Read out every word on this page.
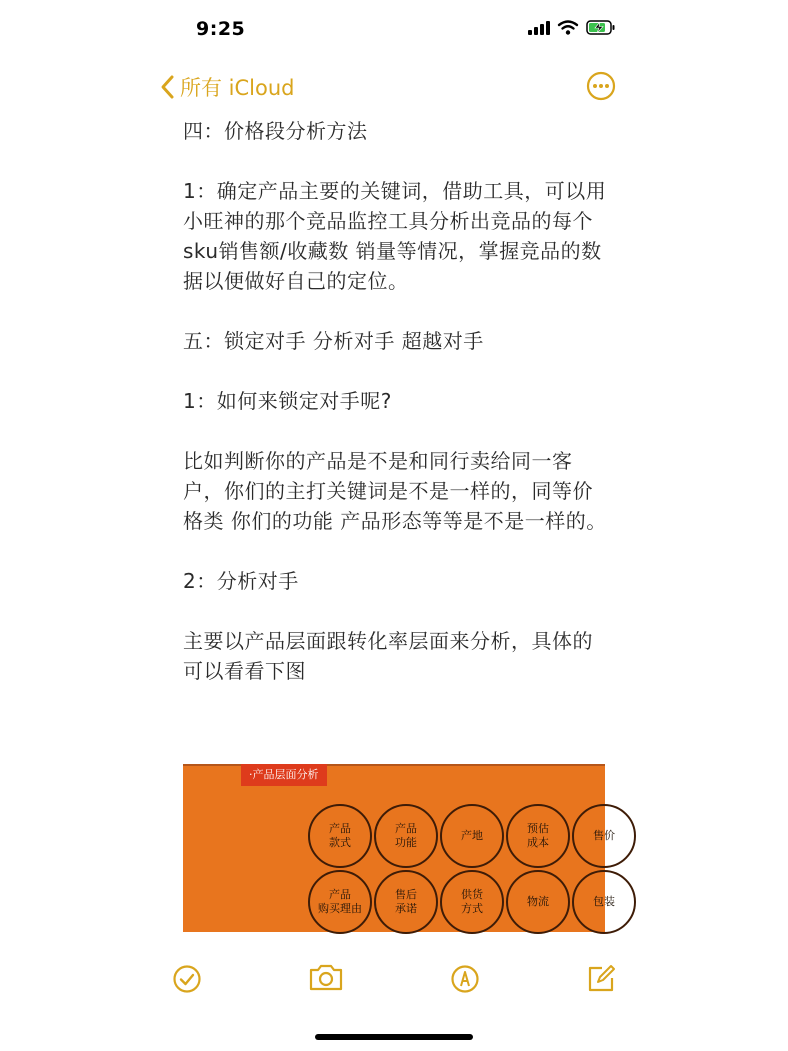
9:25
所有 iCloud

四：价格段分析方法

1：确定产品主要的关键词，借助工具，可以用小旺神的那个竞品监控工具分析出竞品的每个sku销售额/收藏数 销量等情况，掌握竞品的数据以便做好自己的定位。

五：锁定对手 分析对手 超越对手

1：如何来锁定对手呢?

比如判断你的产品是不是和同行卖给同一客户，你们的主打关键词是不是一样的，同等价格类 你们的功能 产品形态等等是不是一样的。

2：分析对手

主要以产品层面跟转化率层面来分析，具体的可以看看下图

·产品层面分析
产品
款式
产品
功能
产地
预估
成本
售价
产品
购买理由
售后
承诺
供货
方式
物流	包装
